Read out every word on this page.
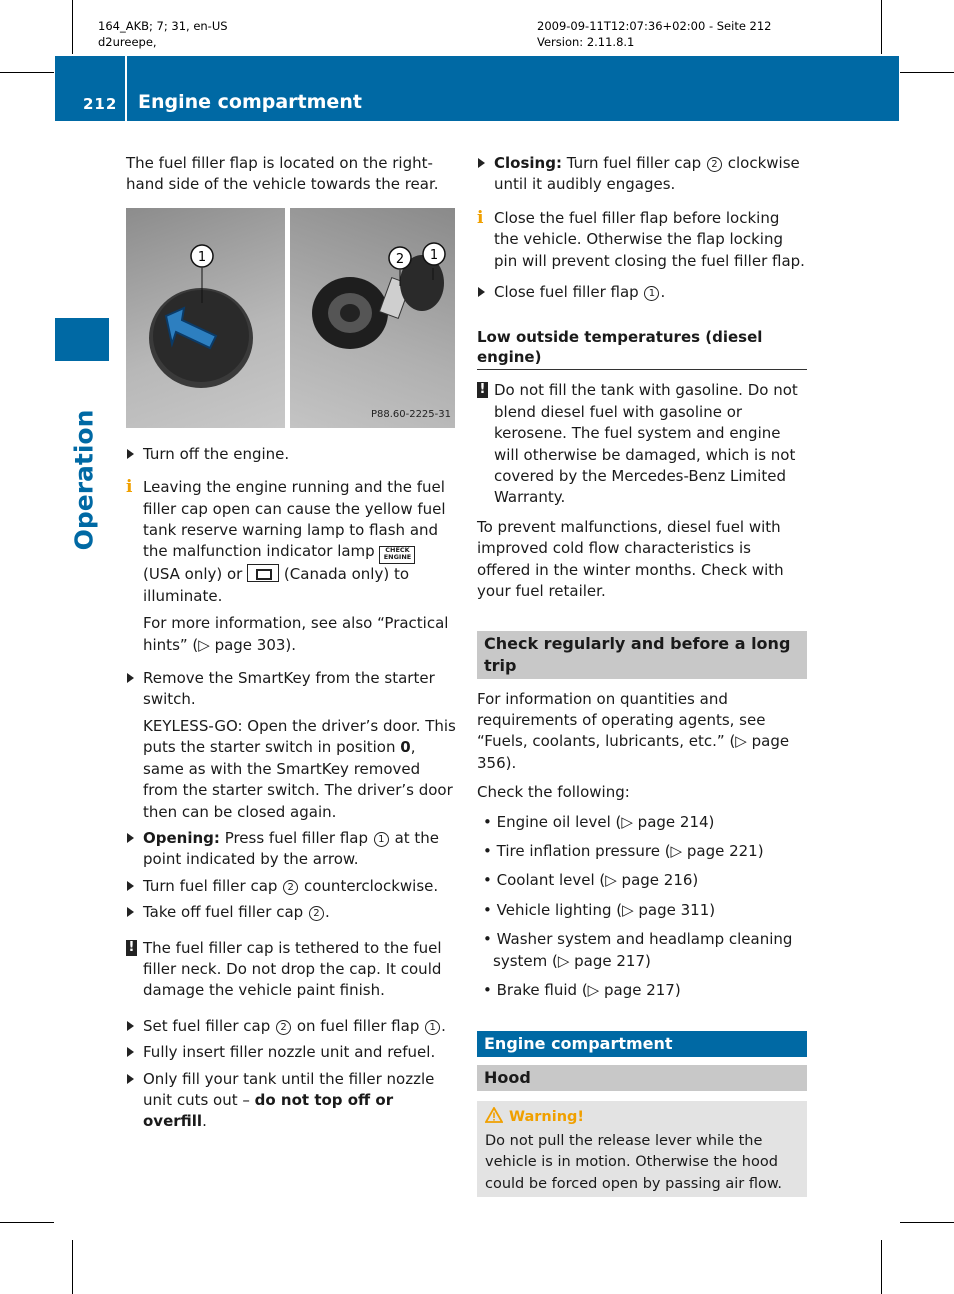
164_AKB; 7; 31, en-US
d2ureepe,
2009-09-11T12:07:36+02:00 - Seite 212
Version: 2.11.8.1
212 Engine compartment
Operation

The fuel filler flap is located on the right-hand side of the vehicle towards the rear.

1	2 1
P88.60-2225-31
Turn off the engine.
i Leaving the engine running and the fuel filler cap open can cause the yellow fuel tank reserve warning lamp to flash and the malfunction indicator lamp CHECK
ENGINE (USA only) or	(Canada only) to illuminate.

For more information, see also “Practical hints” (▷ page 303).

Remove the SmartKey from the starter switch.
KEYLESS-GO: Open the driver’s door. This puts the starter switch in position 0, same as with the SmartKey removed from the starter switch. The driver’s door then can be closed again.
Opening: Press fuel filler flap 1 at the point indicated by the arrow.
Turn fuel filler cap 2 counterclockwise.
Take off fuel filler cap 2 .
! The fuel filler cap is tethered to the fuel filler neck. Do not drop the cap. It could damage the vehicle paint finish.
Set fuel filler cap 2 on fuel filler flap 1 .
Fully insert filler nozzle unit and refuel.
Only fill your tank until the filler nozzle unit cuts out – do not top off or overfill.
Closing: Turn fuel filler cap 2 clockwise until it audibly engages.
i Close the fuel filler flap before locking the vehicle. Otherwise the flap locking pin will prevent closing the fuel filler flap.
Close fuel filler flap 1 .
Low outside temperatures (diesel engine)
! Do not fill the tank with gasoline. Do not blend diesel fuel with gasoline or kerosene. The fuel system and engine will otherwise be damaged, which is not covered by the Mercedes-Benz Limited Warranty.

To prevent malfunctions, diesel fuel with improved cold flow characteristics is offered in the winter months. Check with your fuel retailer.

Check regularly and before a long trip

For information on quantities and requirements of operating agents, see “Fuels, coolants, lubricants, etc.” (▷ page 356).

Check the following:

• Engine oil level (▷ page 214)
• Tire inflation pressure (▷ page 221)
• Coolant level (▷ page 216)
• Vehicle lighting (▷ page 311)
• Washer system and headlamp cleaning system (▷ page 217)
• Brake fluid (▷ page 217)
Engine compartment
Hood
Warning!
Do not pull the release lever while the vehicle is in motion. Otherwise the hood could be forced open by passing air flow.
